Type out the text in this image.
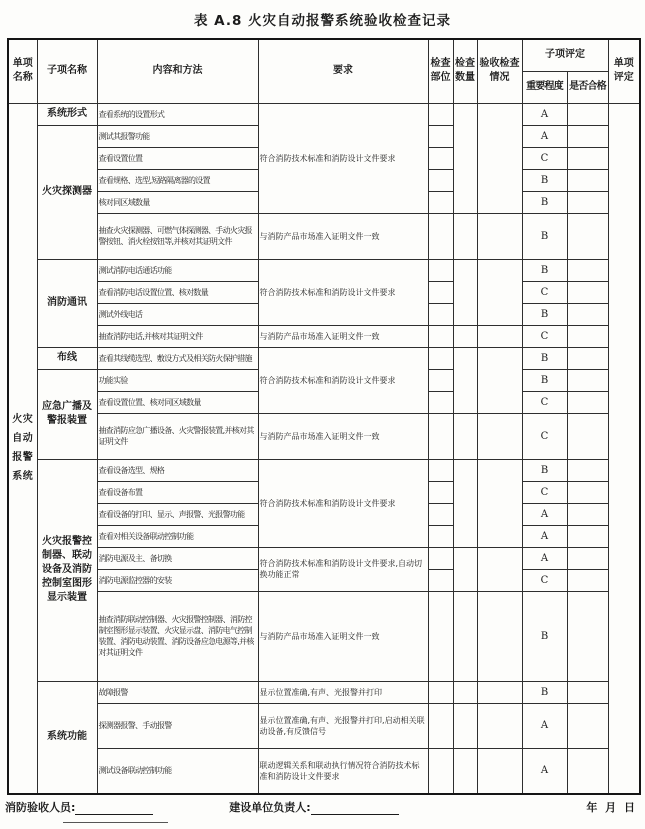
表 A.8 火灾自动报警系统验收检查记录
单项名称	子项名称	内容和方法	要求	检查部位	检查数量	验收检查情况	子项评定		单项评定
							重要程度	是否合格	
火灾自动报警系统	系统形式	查看系统的设置形式	符合消防技术标准和消防设计文件要求				A		
	火灾探测器	测试其报警功能					A		
		查看设置位置					C		
		查看规格、选型,短路隔离器的设置					B		
		核对同区域数量					B		
		抽查火灾探测器、可燃气体探测器、手动火灾报警按钮、消火栓按钮等,并核对其证明文件	与消防产品市场准入证明文件一致				B		
	消防通讯	测试消防电话通话功能	符合消防技术标准和消防设计文件要求				B		
		查看消防电话设置位置、核对数量					C		
		测试外线电话					B		
		抽查消防电话,并核对其证明文件	与消防产品市场准入证明文件一致				C		
	布线	查看其线缆选型、敷设方式及相关防火保护措施	符合消防技术标准和消防设计文件要求				B		
	应急广播及警报装置	功能实验					B		
		查看设置位置、核对同区域数量					C		
		抽查消防应急广播设备、火灾警报装置,并核对其证明文件	与消防产品市场准入证明文件一致				C		
	火灾报警控制器、联动设备及消防控制室图形显示装置	查看设备选型、规格	符合消防技术标准和消防设计文件要求				B		
		查看设备布置					C		
		查看设备的打印、显示、声报警、光报警功能					A		
		查看对相关设备联动控制功能					A		
		消防电源及主、备切换	符合消防技术标准和消防设计文件要求,自动切换功能正常				A		
		消防电源监控器的安装					C		
		抽查消防联动控制器、火灾报警控制器、消防控制室图形显示装置、火灾显示盘、消防电气控制装置、消防电动装置、消防设备应急电源等,并核对其证明文件	与消防产品市场准入证明文件一致				B		
	系统功能	故障报警	显示位置准确,有声、光报警并打印				B		
		探测器报警、手动报警	显示位置准确,有声、光报警并打印,启动相关联动设备,有反馈信号				A		
		测试设备联动控制功能	联动逻辑关系和联动执行情况符合消防技术标准和消防设计文件要求				A		
消防验收人员:	建设单位负责人:	年 月 日
